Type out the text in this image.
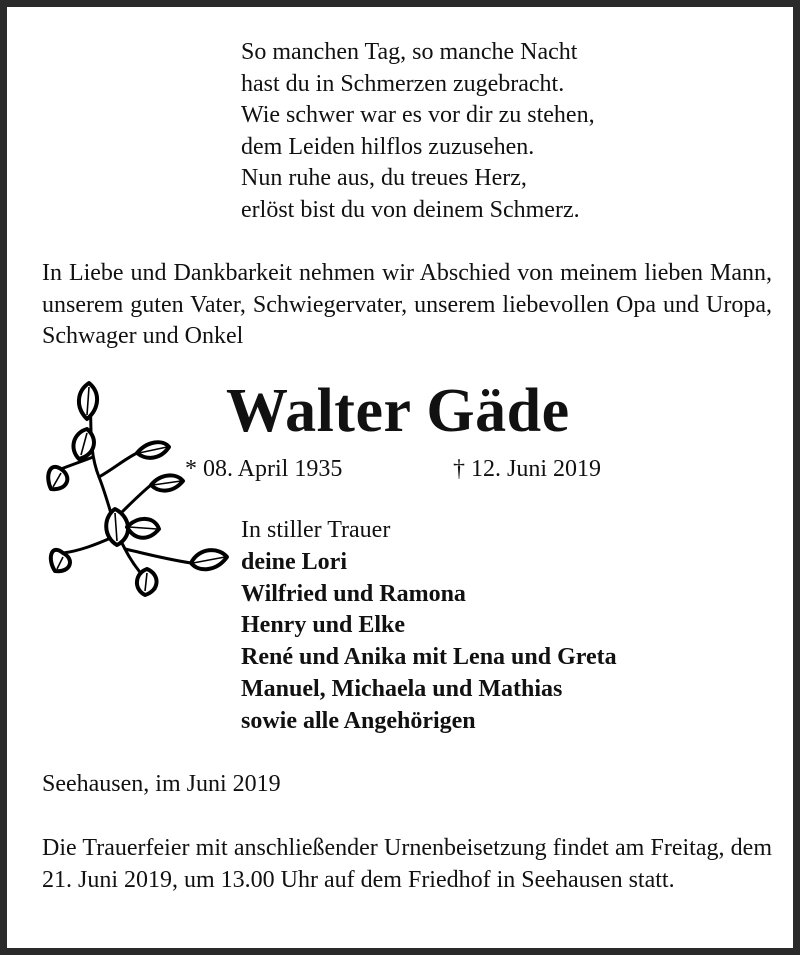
So manchen Tag, so manche Nacht
hast du in Schmerzen zugebracht.
Wie schwer war es vor dir zu stehen,
dem Leiden hilflos zuzusehen.
Nun ruhe aus, du treues Herz,
erlöst bist du von deinem Schmerz.
In Liebe und Dankbarkeit nehmen wir Abschied von meinem lieben Mann, unserem guten Vater, Schwiegervater, unserem liebevollen Opa und Uropa, Schwager und Onkel
Walter Gäde
* 08. April 1935	† 12. Juni 2019
In stiller Trauer
deine Lori
Wilfried und Ramona
Henry und Elke
René und Anika mit Lena und Greta
Manuel, Michaela und Mathias
sowie alle Angehörigen
Seehausen, im Juni 2019
Die Trauerfeier mit anschließender Urnenbeisetzung findet am Freitag, dem 21. Juni 2019, um 13.00 Uhr auf dem Friedhof in Seehausen statt.
